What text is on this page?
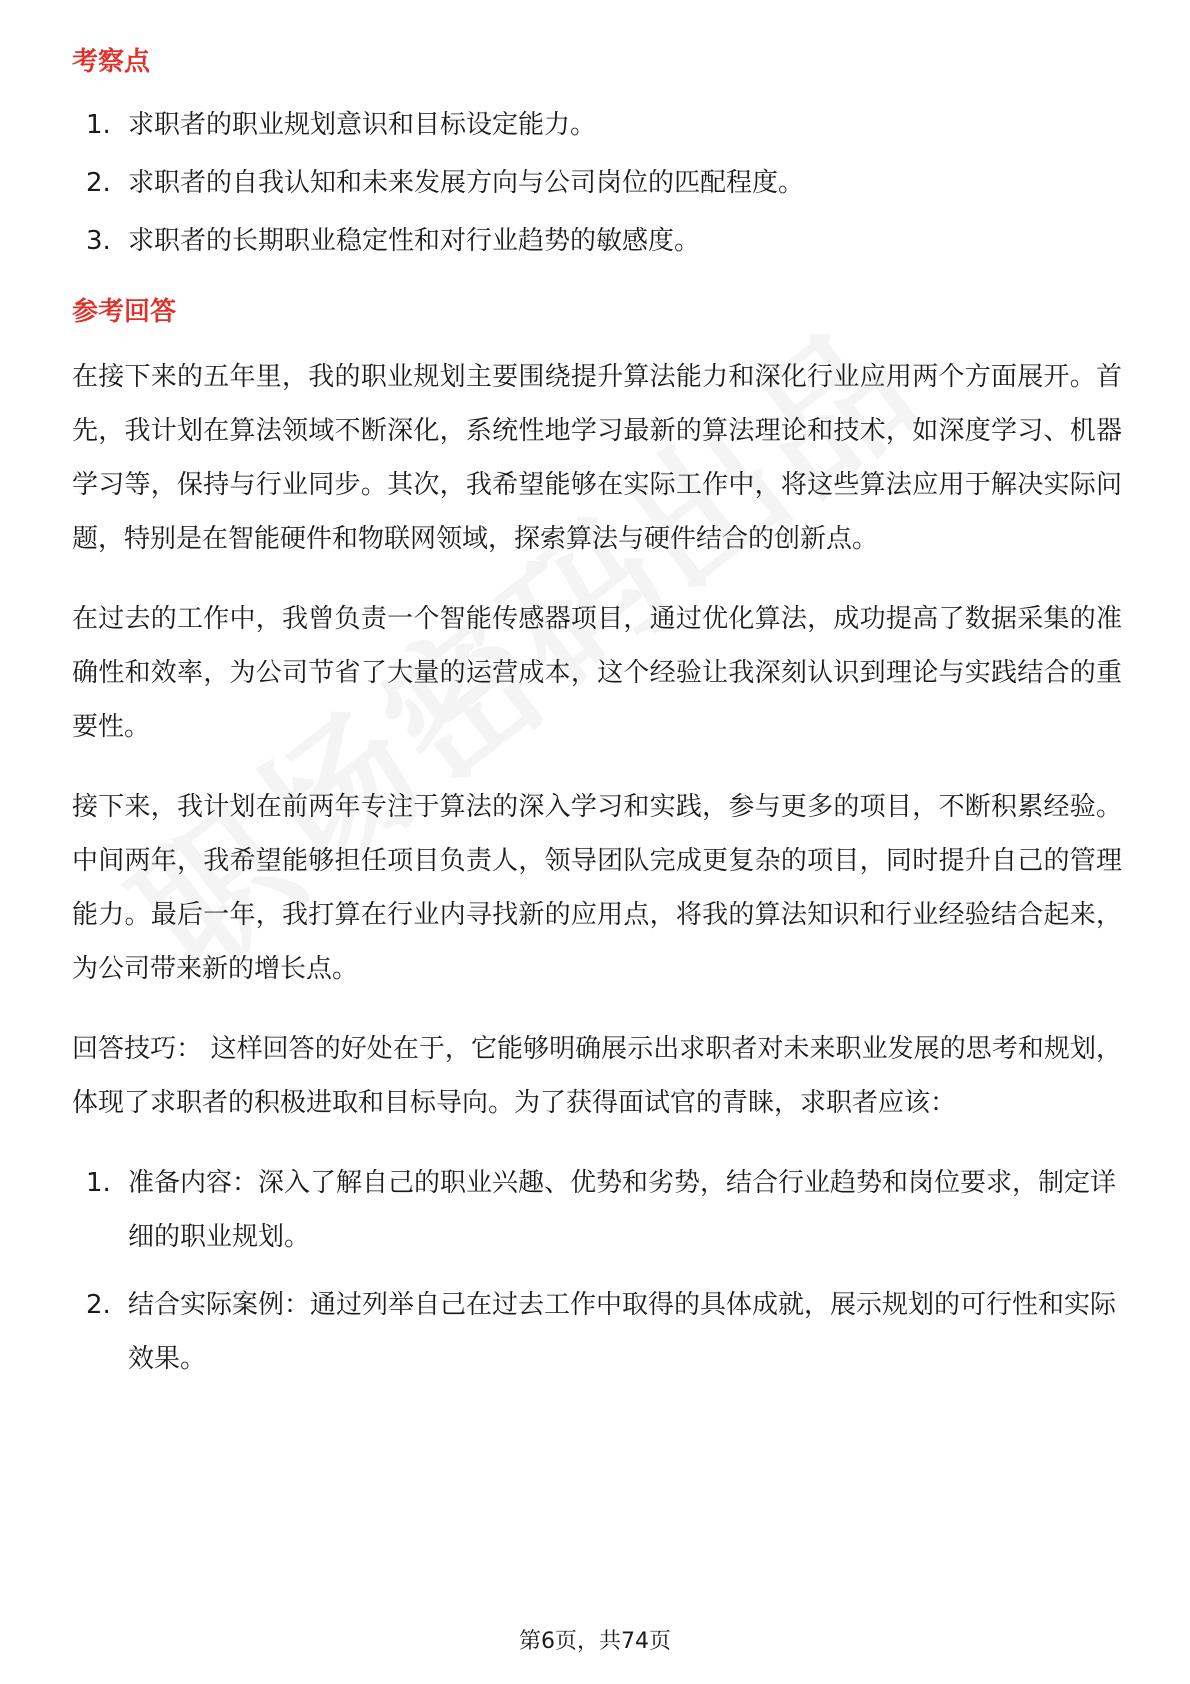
考察点
1. 求职者的职业规划意识和目标设定能力。
2. 求职者的自我认知和未来发展方向与公司岗位的匹配程度。
3. 求职者的长期职业稳定性和对行业趋势的敏感度。
参考回答

在接下来的五年里，我的职业规划主要围绕提升算法能力和深化行业应用两个方面展开。首先，我计划在算法领域不断深化，系统性地学习最新的算法理论和技术，如深度学习、机器学习等，保持与行业同步。其次，我希望能够在实际工作中，将这些算法应用于解决实际问题，特别是在智能硬件和物联网领域，探索算法与硬件结合的创新点。

在过去的工作中，我曾负责一个智能传感器项目，通过优化算法，成功提高了数据采集的准确性和效率，为公司节省了大量的运营成本，这个经验让我深刻认识到理论与实践结合的重要性。

接下来，我计划在前两年专注于算法的深入学习和实践，参与更多的项目，不断积累经验。中间两年，我希望能够担任项目负责人，领导团队完成更复杂的项目，同时提升自己的管理能力。最后一年，我打算在行业内寻找新的应用点，将我的算法知识和行业经验结合起来，为公司带来新的增长点。

回答技巧： 这样回答的好处在于，它能够明确展示出求职者对未来职业发展的思考和规划，体现了求职者的积极进取和目标导向。为了获得面试官的青睐，求职者应该：

1. 准备内容：深入了解自己的职业兴趣、优势和劣势，结合行业趋势和岗位要求，制定详细的职业规划。
2. 结合实际案例：通过列举自己在过去工作中取得的具体成就，展示规划的可行性和实际效果。
第6页，共74页
